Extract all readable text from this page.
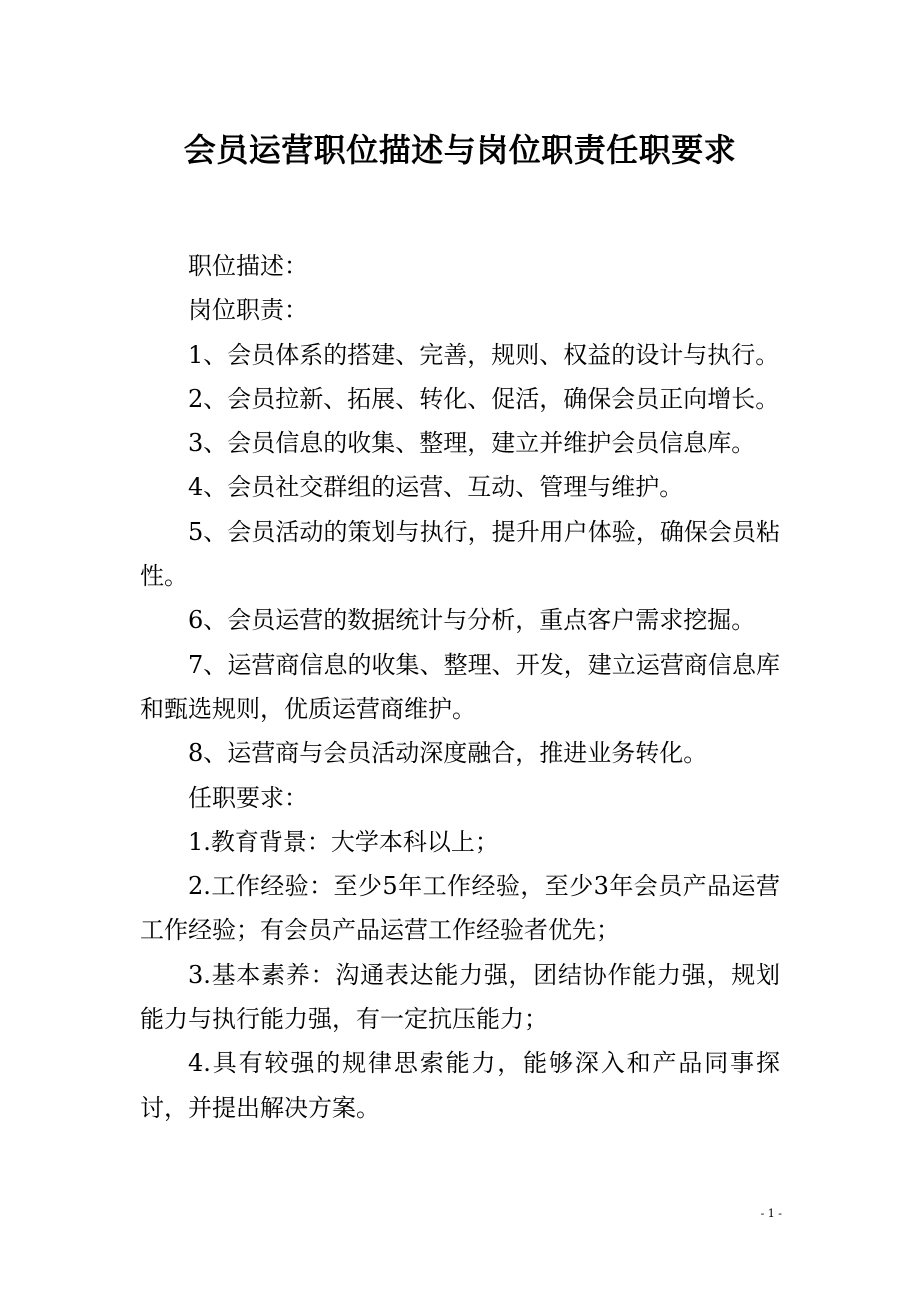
会员运营职位描述与岗位职责任职要求

职位描述：

岗位职责：

1、会员体系的搭建、完善，规则、权益的设计与执行。

2、会员拉新、拓展、转化、促活，确保会员正向增长。

3、会员信息的收集、整理，建立并维护会员信息库。

4、会员社交群组的运营、互动、管理与维护。

5、会员活动的策划与执行，提升用户体验，确保会员粘性。

6、会员运营的数据统计与分析，重点客户需求挖掘。

7、运营商信息的收集、整理、开发，建立运营商信息库和甄选规则，优质运营商维护。

8、运营商与会员活动深度融合，推进业务转化。

任职要求：

1.教育背景：大学本科以上；

2.工作经验：至少5年工作经验，至少3年会员产品运营工作经验；有会员产品运营工作经验者优先；

3.基本素养：沟通表达能力强，团结协作能力强，规划能力与执行能力强，有一定抗压能力；

4.具有较强的规律思索能力，能够深入和产品同事探讨，并提出解决方案。

- 1 -
